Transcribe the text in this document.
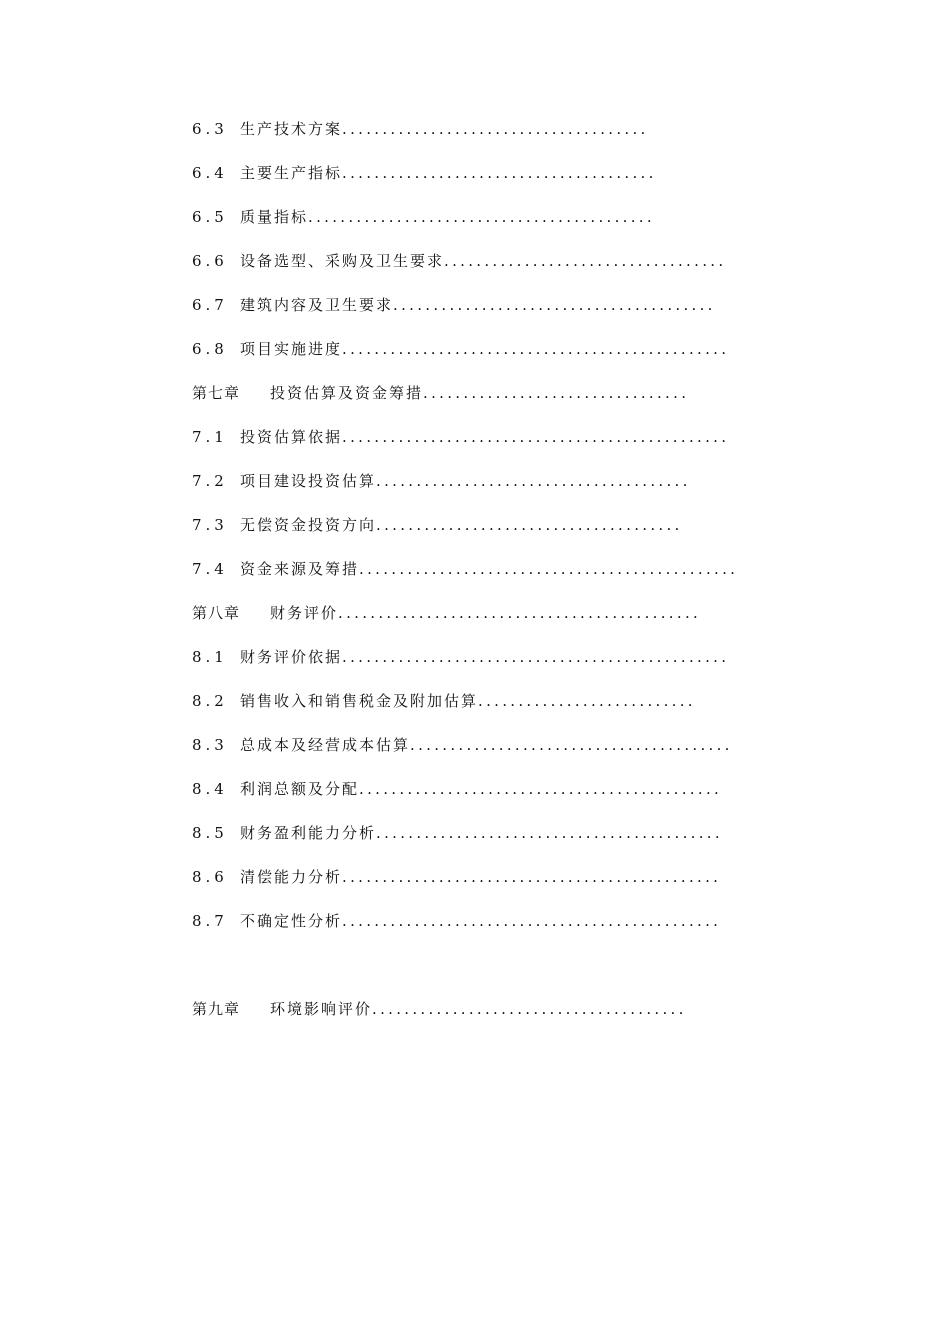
6.3 生产技术方案 ......................................
6.4 主要生产指标 .......................................
6.5 质量指标 ...........................................
6.6 设备选型、采购及卫生要求 ...................................
6.7 建筑内容及卫生要求 ........................................
6.8 项目实施进度 ................................................
第七章	投资估算及资金筹措 .................................
7.1 投资估算依据 ................................................
7.2 项目建设投资估算 .......................................
7.3 无偿资金投资方向 ......................................
7.4 资金来源及筹措 ...............................................
第八章	财务评价 .............................................
8.1 财务评价依据 ................................................
8.2 销售收入和销售税金及附加估算 ...........................
8.3 总成本及经营成本估算 ........................................
8.4 利润总额及分配 .............................................
8.5 财务盈利能力分析 ...........................................
8.6 清偿能力分析 ...............................................
8.7 不确定性分析 ...............................................
第九章	环境影响评价 .......................................
